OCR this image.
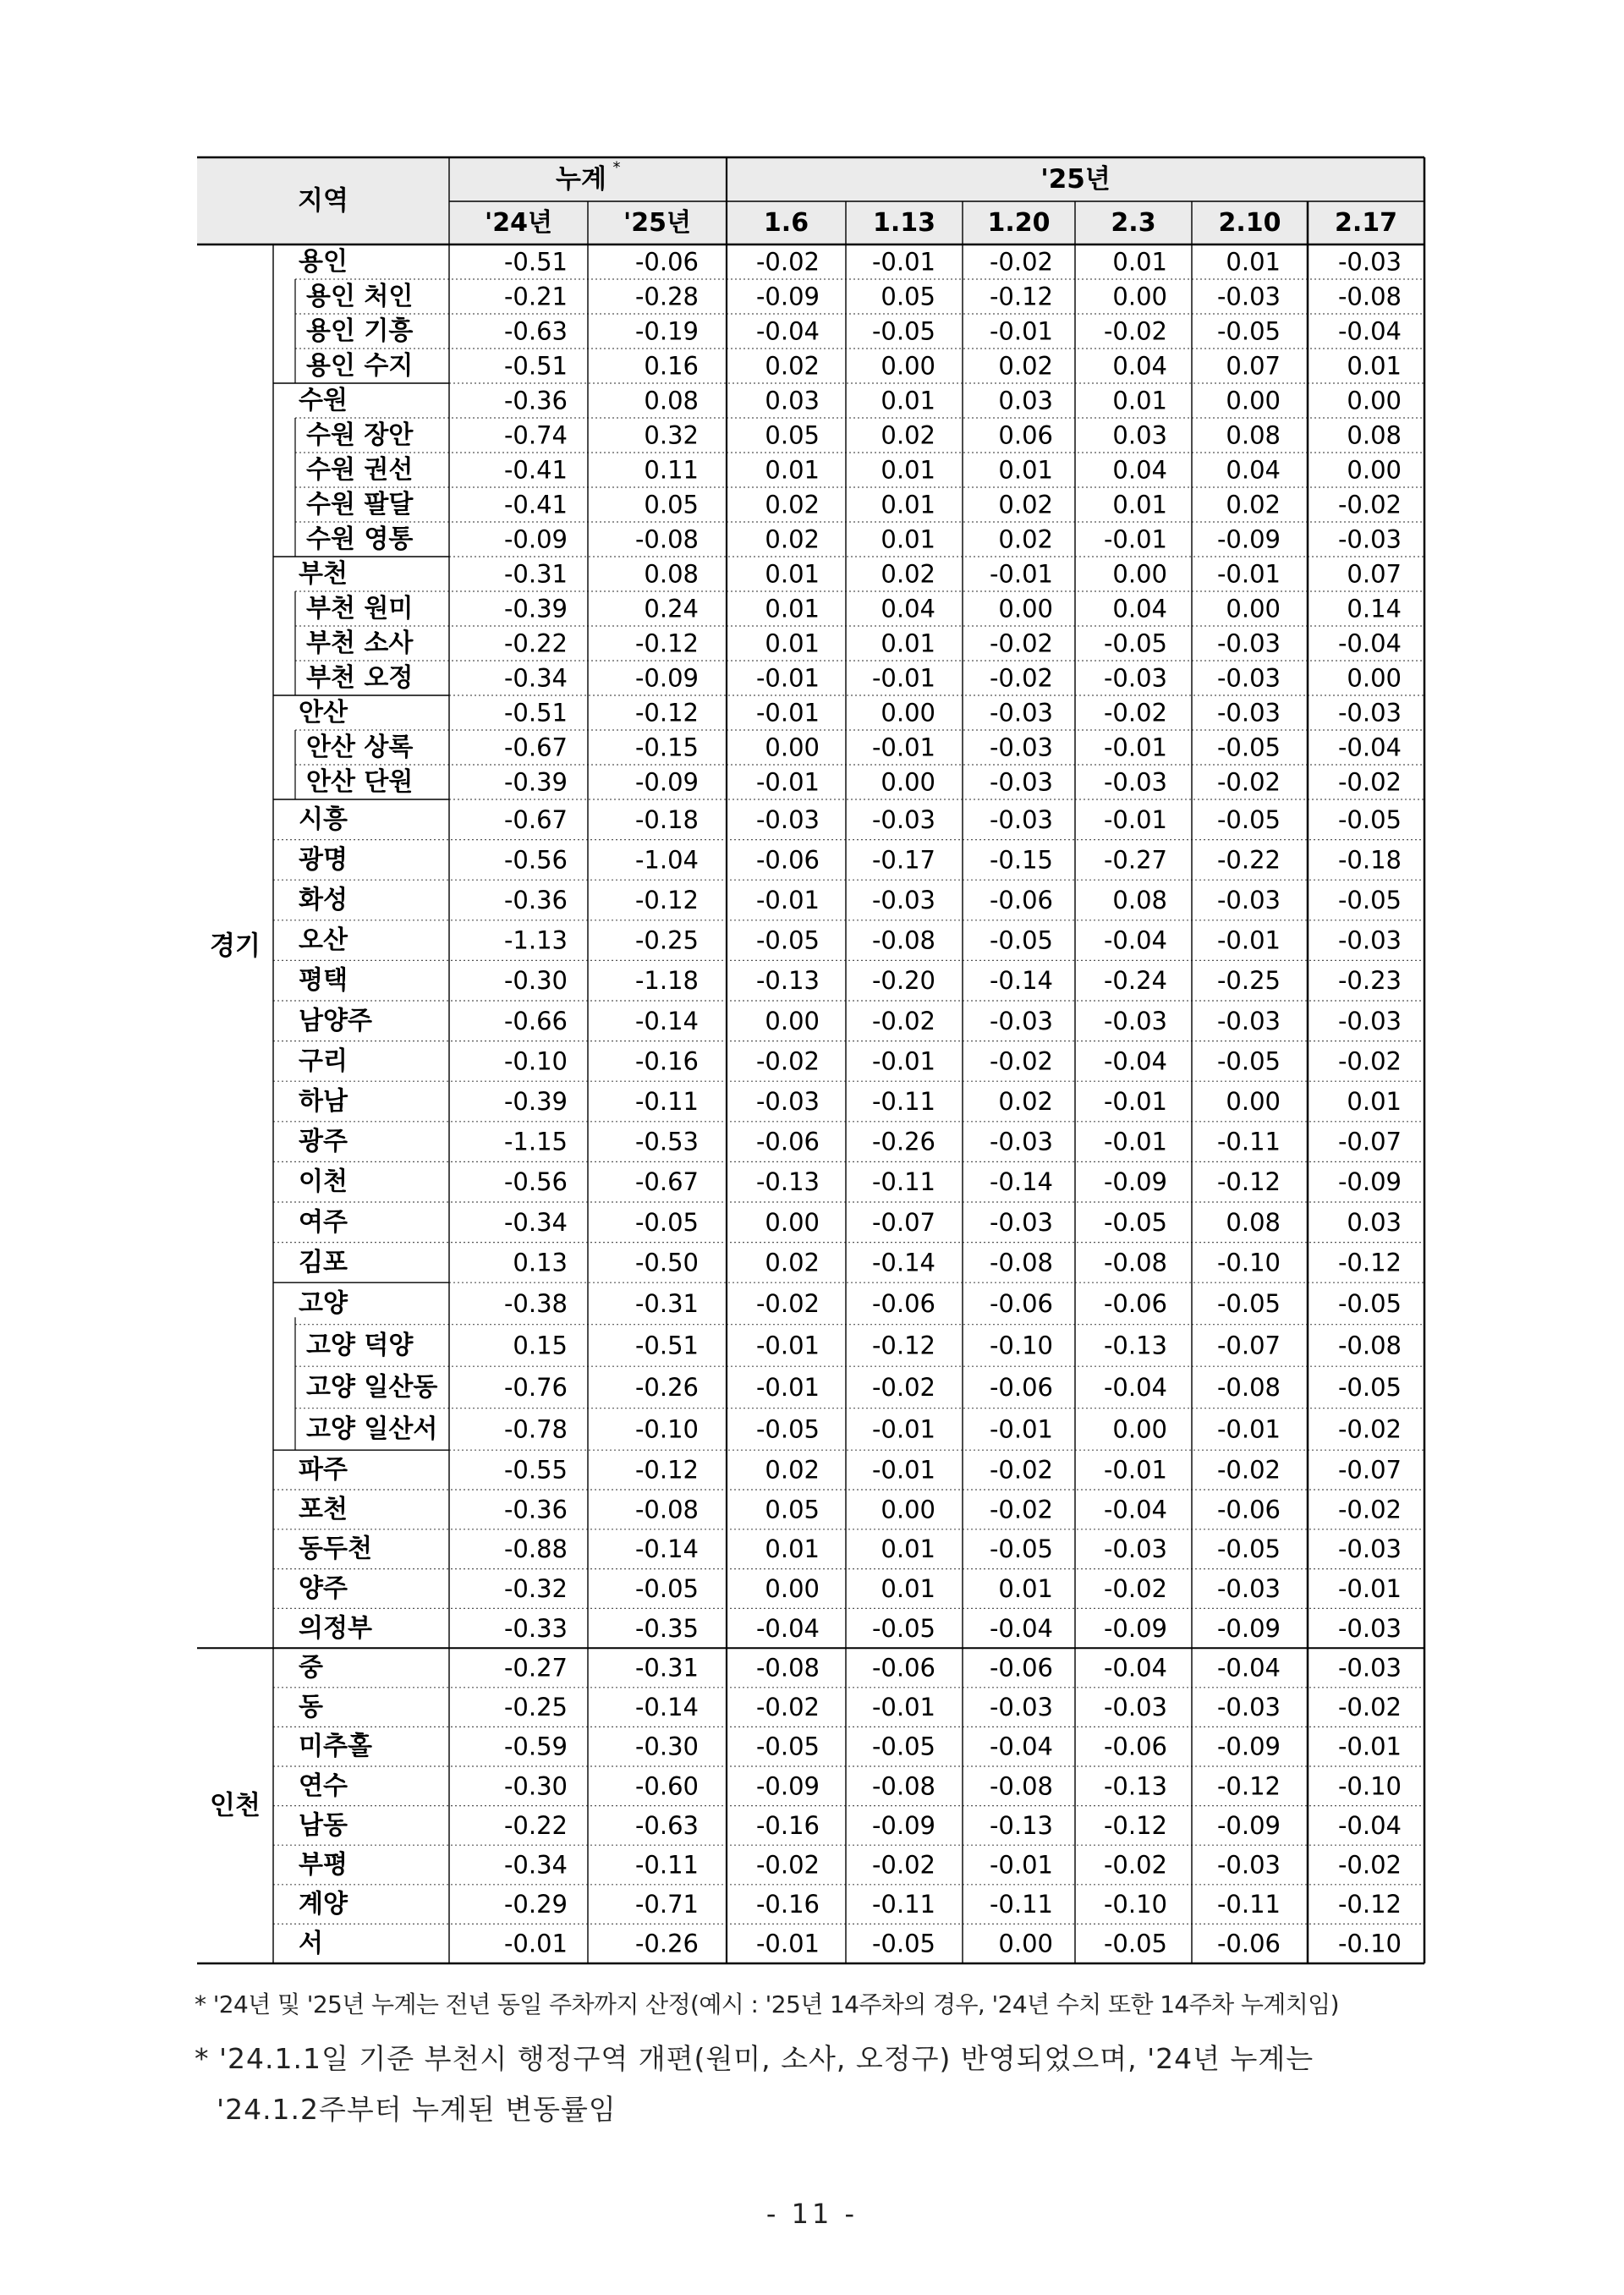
용인	-0.51	-0.06 -0.02 -0.01 -0.02 0.01 0.01 -0.03
용인 처인	-0.21	-0.28 -0.09 0.05 -0.12 0.00 -0.03 -0.08
용인 기흥	-0.63	-0.19 -0.04 -0.05 -0.01 -0.02 -0.05 -0.04
용인 수지	-0.51	0.16	0.02 0.00	0.02 0.04 0.07	0.01
수원	-0.36	0.08	0.03 0.01	0.03 0.01 0.00	0.00
수원 장안	-0.74	0.32	0.05 0.02	0.06 0.03 0.08	0.08
수원 권선	-0.41	0.11	0.01 0.01	0.01 0.04 0.04	0.00
수원 팔달	-0.41	0.05	0.02 0.01	0.02 0.01 0.02 -0.02
수원 영통	-0.09	-0.08	0.02 0.01	0.02 -0.01 -0.09 -0.03
부천	-0.31	0.08	0.01 0.02 -0.01 0.00 -0.01	0.07
부천 원미	-0.39	0.24	0.01 0.04	0.00 0.04 0.00	0.14
부천 소사	-0.22	-0.12	0.01 0.01 -0.02 -0.05 -0.03 -0.04
부천 오정	-0.34	-0.09 -0.01 -0.01 -0.02 -0.03 -0.03	0.00
안산	-0.51	-0.12 -0.01 0.00 -0.03 -0.02 -0.03 -0.03
안산 상록	-0.67	-0.15	0.00 -0.01 -0.03 -0.01 -0.05 -0.04
안산 단원	-0.39	-0.09 -0.01 0.00 -0.03 -0.03 -0.02 -0.02
시흥	-0.67	-0.18 -0.03 -0.03 -0.03 -0.01 -0.05 -0.05
광명	-0.56	-1.04 -0.06 -0.17 -0.15 -0.27 -0.22 -0.18
화성	-0.36	-0.12 -0.01 -0.03 -0.06 0.08 -0.03 -0.05
오산	-1.13	-0.25 -0.05 -0.08 -0.05 -0.04 -0.01 -0.03
평택	-0.30	-1.18 -0.13 -0.20 -0.14 -0.24 -0.25 -0.23
남양주	-0.66	-0.14	0.00 -0.02 -0.03 -0.03 -0.03 -0.03
구리	-0.10	-0.16 -0.02 -0.01 -0.02 -0.04 -0.05 -0.02
하남	-0.39	-0.11 -0.03 -0.11	0.02 -0.01 0.00	0.01
광주	-1.15	-0.53 -0.06 -0.26 -0.03 -0.01 -0.11 -0.07
이천	-0.56	-0.67 -0.13 -0.11 -0.14 -0.09 -0.12 -0.09
여주	-0.34	-0.05	0.00 -0.07 -0.03 -0.05 0.08	0.03
김포	0.13	-0.50	0.02 -0.14 -0.08 -0.08 -0.10 -0.12
고양	-0.38	-0.31 -0.02 -0.06 -0.06 -0.06 -0.05 -0.05
고양 덕양	0.15	-0.51 -0.01 -0.12 -0.10 -0.13 -0.07 -0.08
고양 일산동	-0.76	-0.26 -0.01 -0.02 -0.06 -0.04 -0.08 -0.05
고양 일산서	-0.78	-0.10 -0.05 -0.01 -0.01 0.00 -0.01 -0.02
파주	-0.55	-0.12	0.02 -0.01 -0.02 -0.01 -0.02 -0.07
포천	-0.36	-0.08	0.05 0.00 -0.02 -0.04 -0.06 -0.02
동두천	-0.88	-0.14	0.01 0.01 -0.05 -0.03 -0.05 -0.03
양주	-0.32	-0.05	0.00 0.01	0.01 -0.02 -0.03 -0.01
의정부	-0.33	-0.35 -0.04 -0.05 -0.04 -0.09 -0.09 -0.03
중	-0.27	-0.31 -0.08 -0.06 -0.06 -0.04 -0.04 -0.03
동	-0.25	-0.14 -0.02 -0.01 -0.03 -0.03 -0.03 -0.02
미추홀	-0.59	-0.30 -0.05 -0.05 -0.04 -0.06 -0.09 -0.01
연수	-0.30	-0.60 -0.09 -0.08 -0.08 -0.13 -0.12 -0.10
남동	-0.22	-0.63 -0.16 -0.09 -0.13 -0.12 -0.09 -0.04
부평	-0.34	-0.11 -0.02 -0.02 -0.01 -0.02 -0.03 -0.02
계양	-0.29	-0.71 -0.16 -0.11 -0.11 -0.10 -0.11 -0.12
서	-0.01	-0.26 -0.01 -0.05	0.00 -0.05 -0.06 -0.10
경기
인천
지역
누계 *	'25년
'24년	'25년	1.6	1.13 1.20 2.3 2.10 2.17
* '24년 및 '25년 누계는 전년 동일 주차까지 산정(예시 : '25년 14주차의 경우, '24년 수치 또한 14주차 누계치임)
* '24.1.1일 기준 부천시 행정구역 개편(원미, 소사, 오정구) 반영되었으며, '24년 누계는
'24.1.2주부터 누계된 변동률임
- 11 -
